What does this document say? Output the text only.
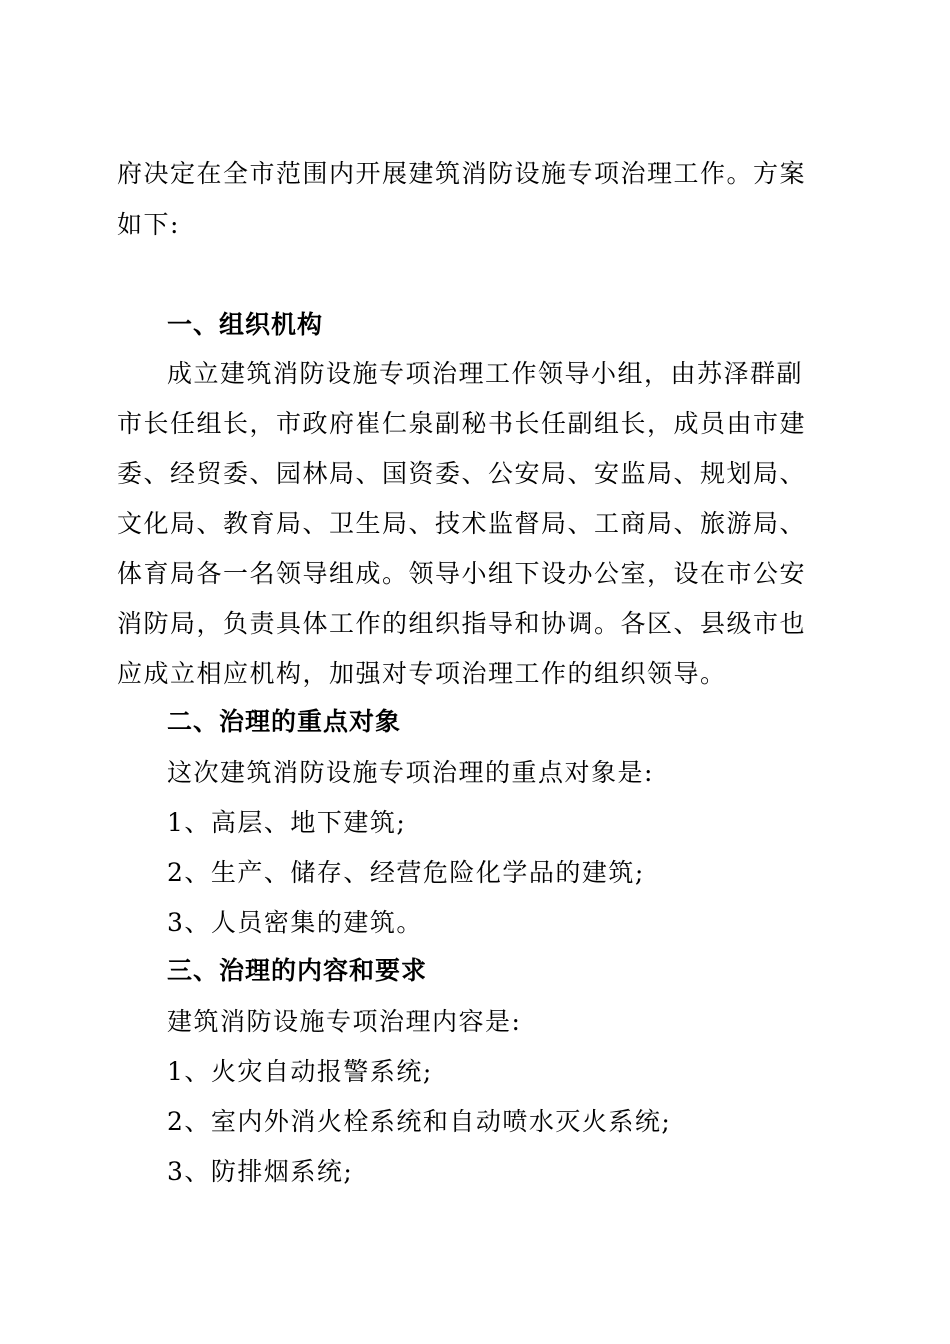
府决定在全市范围内开展建筑消防设施专项治理工作。方案
如下:
一、组织机构
成立建筑消防设施专项治理工作领导小组，由苏泽群副
市长任组长，市政府崔仁泉副秘书长任副组长，成员由市建
委、经贸委、园林局、国资委、公安局、安监局、规划局、
文化局、教育局、卫生局、技术监督局、工商局、旅游局、
体育局各一名领导组成。领导小组下设办公室，设在市公安
消防局，负责具体工作的组织指导和协调。各区、县级市也
应成立相应机构，加强对专项治理工作的组织领导。
二、治理的重点对象
这次建筑消防设施专项治理的重点对象是:
1、高层、地下建筑;
2、生产、储存、经营危险化学品的建筑;
3、人员密集的建筑。
三、治理的内容和要求
建筑消防设施专项治理内容是:
1、火灾自动报警系统;
2、室内外消火栓系统和自动喷水灭火系统;
3、防排烟系统;
